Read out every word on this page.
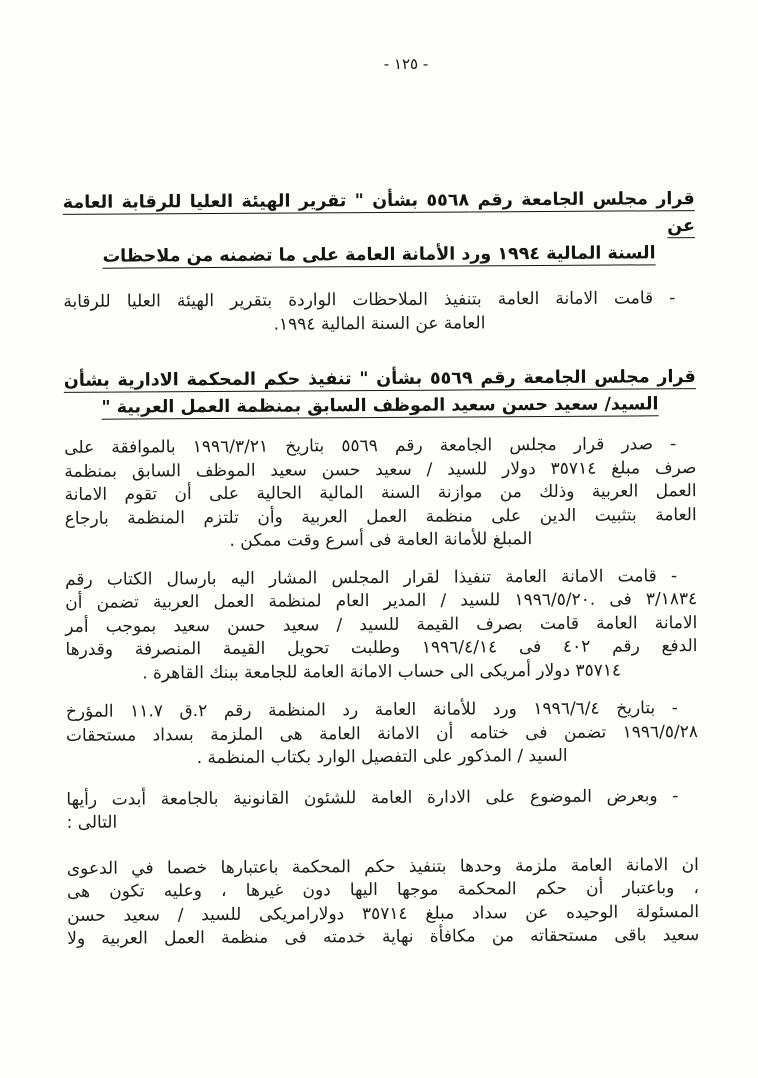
- ١٢٥ -
قرار مجلس الجامعة رقم ٥٥٦٨ بشأن " تقرير الهيئة العليا للرقابة العامة عن
السنة المالية ١٩٩٤ ورد الأمانة العامة على ما تضمنه من ملاحظات
- قامت الامانة العامة بتنفيذ الملاحظات الواردة بتقرير الهيئة العليا للرقابة
العامة عن السنة المالية ١٩٩٤.
قرار مجلس الجامعة رقم ٥٥٦٩ بشأن " تنفيذ حكم المحكمة الادارية بشأن
السيد/ سعيد حسن سعيد الموظف السابق بمنظمة العمل العربية "
- صدر قرار مجلس الجامعة رقم ٥٥٦٩ بتاريخ ١٩٩٦/٣/٢١ بالموافقة على
صرف مبلغ ٣٥٧١٤ دولار للسيد / سعيد حسن سعيد الموظف السابق بمنظمة
العمل العربية وذلك من موازنة السنة المالية الحالية على أن تقوم الامانة
العامة بتثبيت الدين على منظمة العمل العربية وأن تلتزم المنظمة بارجاع
المبلغ للأمانة العامة فى أسرع وقت ممكن .
- قامت الامانة العامة تنفيذا لقرار المجلس المشار اليه بارسال الكتاب رقم
٣/١٨٣٤ فى .١٩٩٦/٥/٢٠ للسيد / المدير العام لمنظمة العمل العربية تضمن أن
الامانة العامة قامت بصرف القيمة للسيد / سعيد حسن سعيد بموجب أمر
الدفع رقم ٤٠٢ فى ١٩٩٦/٤/١٤ وطلبت تحويل القيمة المنصرفة وقدرها
٣٥٧١٤ دولار أمريكى الى حساب الامانة العامة للجامعة ببنك القاهرة .
- بتاريخ ١٩٩٦/٦/٤ ورد للأمانة العامة رد المنظمة رقم ٢.ق ١١.٧ المؤرخ
١٩٩٦/٥/٢٨ تضمن فى ختامه أن الامانة العامة هى الملزمة بسداد مستحقات
السيد / المذكور على التفصيل الوارد بكتاب المنظمة .
- وبعرض الموضوع على الادارة العامة للشئون القانونية بالجامعة أبدت رأيها
التالى :
ان الامانة العامة ملزمة وحدها بتنفيذ حكم المحكمة باعتبارها خصما في الدعوى
، وباعتبار أن حكم المحكمة موجها اليها دون غيرها ، وعليه تكون هى
المسئولة الوحيده عن سداد مبلغ ٣٥٧١٤ دولارامريكى للسيد / سعيد حسن
سعيد باقى مستحقاته من مكافأة نهاية خدمته فى منظمة العمل العربية ولا
